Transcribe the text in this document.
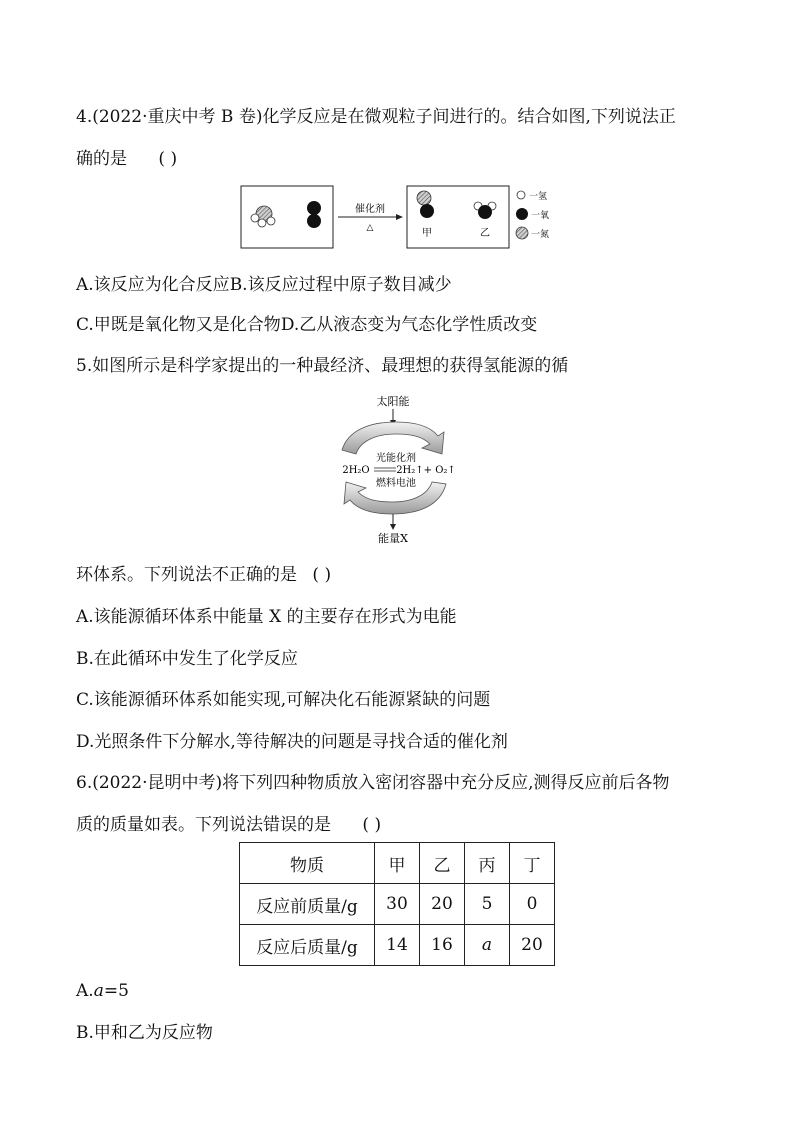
4.(2022·重庆中考 B 卷)化学反应是在微观粒子间进行的。结合如图,下列说法正
确的是 ( )
催化剂
△	甲	乙
一氢
一氧
一氮
A.该反应为化合反应B.该反应过程中原子数目减少
C.甲既是氧化物又是化合物D.乙从液态变为气态化学性质改变
5.如图所示是科学家提出的一种最经济、最理想的获得氢能源的循
太阳能
光能化剂
2H₂O	2H₂↑+ O₂↑
燃料电池
能量X
环体系。下列说法不正确的是 ( )
A.该能源循环体系中能量 X 的主要存在形式为电能
B.在此循环中发生了化学反应
C.该能源循环体系如能实现,可解决化石能源紧缺的问题
D.光照条件下分解水,等待解决的问题是寻找合适的催化剂
6.(2022·昆明中考)将下列四种物质放入密闭容器中充分反应,测得反应前后各物
质的质量如表。下列说法错误的是 ( )
物质	甲	乙	丙	丁
反应前质量/g	30	20	5	0
反应后质量/g	14	16	a	20
A.a=5
B.甲和乙为反应物
